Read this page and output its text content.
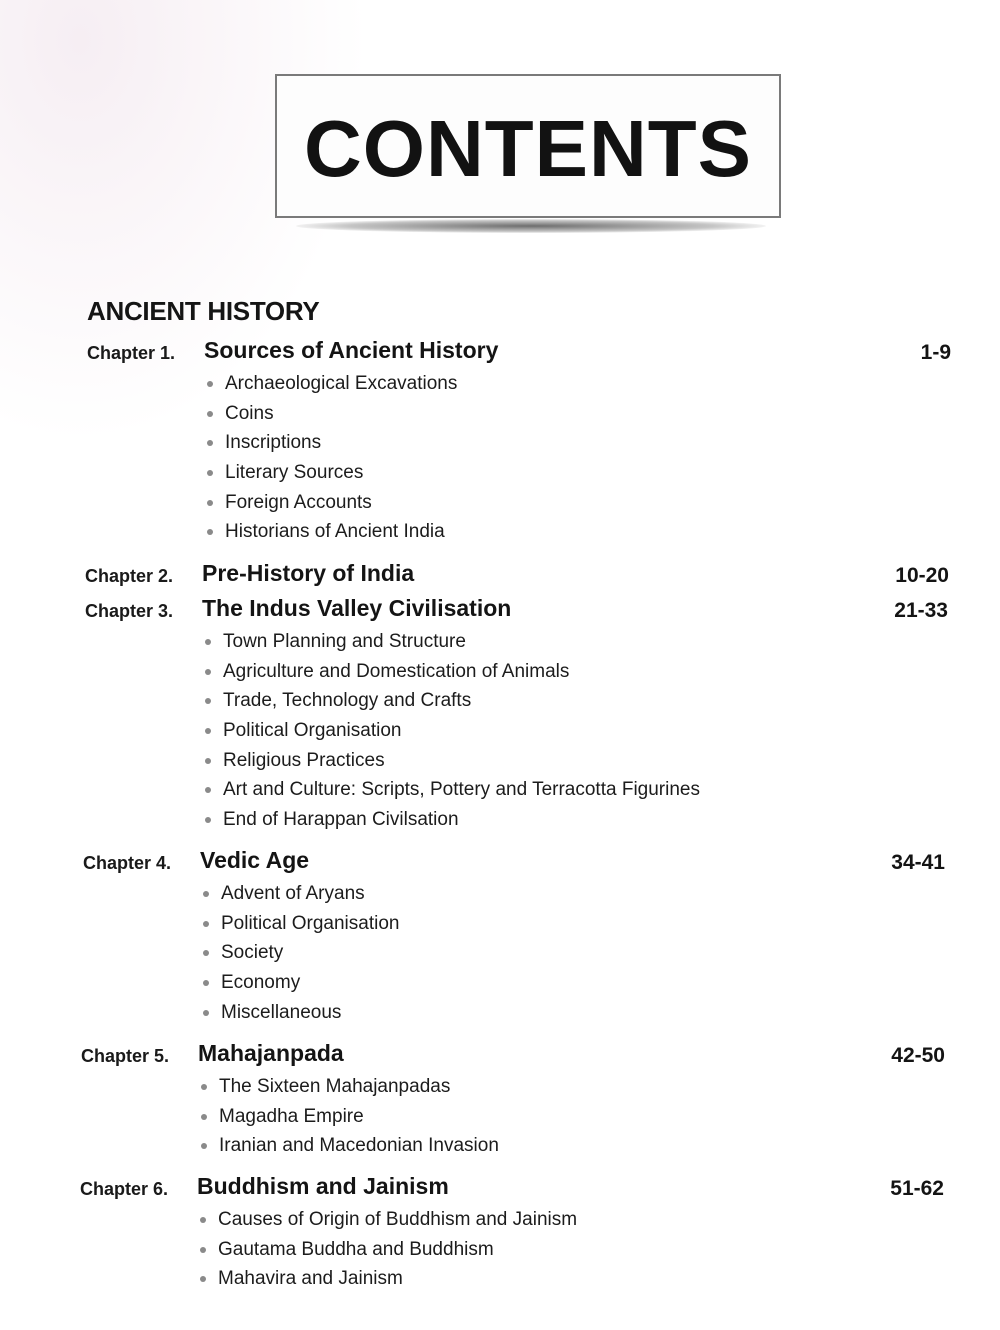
CONTENTS
ANCIENT HISTORY
Chapter 1. Sources of Ancient History	1-9
Archaeological Excavations
Coins
Inscriptions
Literary Sources
Foreign Accounts
Historians of Ancient India
Chapter 2. Pre-History of India	10-20
Chapter 3. The Indus Valley Civilisation	21-33
Town Planning and Structure
Agriculture and Domestication of Animals
Trade, Technology and Crafts
Political Organisation
Religious Practices
Art and Culture: Scripts, Pottery and Terracotta Figurines
End of Harappan Civilsation
Chapter 4. Vedic Age	34-41
Advent of Aryans
Political Organisation
Society
Economy
Miscellaneous
Chapter 5. Mahajanpada	42-50
The Sixteen Mahajanpadas
Magadha Empire
Iranian and Macedonian Invasion
Chapter 6. Buddhism and Jainism	51-62
Causes of Origin of Buddhism and Jainism
Gautama Buddha and Buddhism
Mahavira and Jainism
